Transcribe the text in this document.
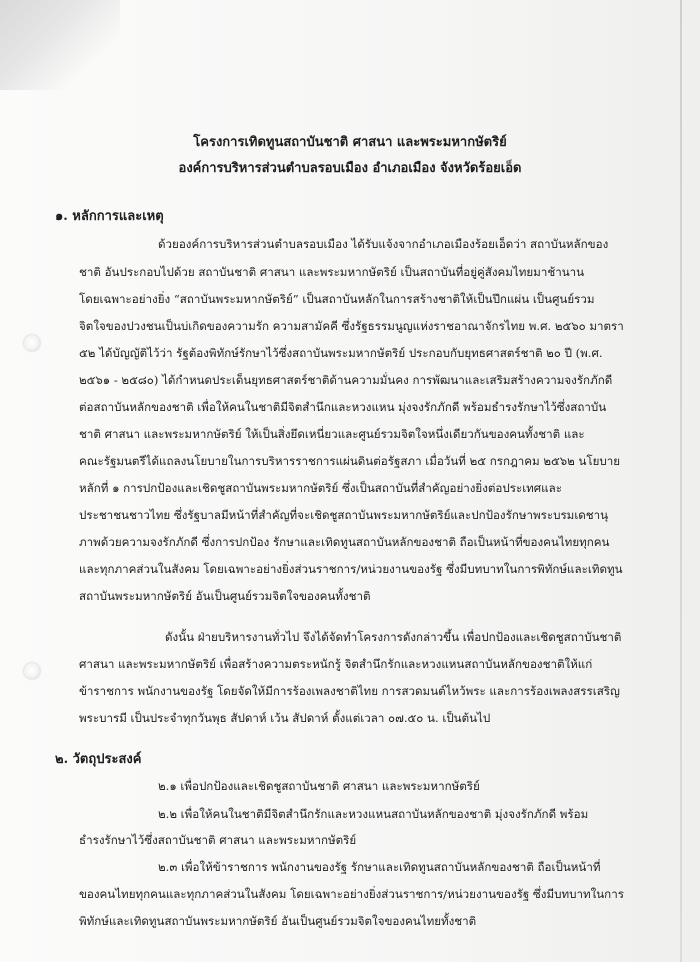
โครงการเทิดทูนสถาบันชาติ ศาสนา และพระมหากษัตริย์
องค์การบริหารส่วนตำบลรอบเมือง อำเภอเมือง จังหวัดร้อยเอ็ด
๑. หลักการและเหตุ
ด้วยองค์การบริหารส่วนตำบลรอบเมือง ได้รับแจ้งจากอำเภอเมืองร้อยเอ็ดว่า สถาบันหลักของ
ชาติ อันประกอบไปด้วย สถาบันชาติ ศาสนา และพระมหากษัตริย์ เป็นสถาบันที่อยู่คู่สังคมไทยมาช้านาน
โดยเฉพาะอย่างยิ่ง “สถาบันพระมหากษัตริย์” เป็นสถาบันหลักในการสร้างชาติให้เป็นปึกแผ่น เป็นศูนย์รวม
จิตใจของปวงชนเป็นบ่เกิดของความรัก ความสามัคคี ซึ่งรัฐธรรมนูญแห่งราชอาณาจักรไทย พ.ศ. ๒๕๖๐ มาตรา
๕๒ ได้บัญญัติไว้ว่า รัฐต้องพิทักษ์รักษาไว้ซึ่งสถาบันพระมหากษัตริย์ ประกอบกับยุทธศาสตร์ชาติ ๒๐ ปี (พ.ศ.
๒๕๖๑ - ๒๕๘๐) ได้กำหนดประเด็นยุทธศาสตร์ชาติด้านความมั่นคง การพัฒนาและเสริมสร้างความจงรักภักดี
ต่อสถาบันหลักของชาติ เพื่อให้คนในชาติมีจิตสำนึกและหวงแหน มุ่งจงรักภักดี พร้อมธำรงรักษาไว้ซึ่งสถาบัน
ชาติ ศาสนา และพระมหากษัตริย์ ให้เป็นสิ่งยึดเหนี่ยวและศูนย์รวมจิตใจหนึ่งเดียวกันของคนทั้งชาติ และ
คณะรัฐมนตรีได้แถลงนโยบายในการบริหารราชการแผ่นดินต่อรัฐสภา เมื่อวันที่ ๒๕ กรกฎาคม ๒๕๖๒ นโยบาย
หลักที่ ๑ การปกป้องและเชิดชูสถาบันพระมหากษัตริย์ ซึ่งเป็นสถาบันที่สำคัญอย่างยิ่งต่อประเทศและ
ประชาชนชาวไทย ซึ่งรัฐบาลมีหน้าที่สำคัญที่จะเชิดชูสถาบันพระมหากษัตริย์และปกป้องรักษาพระบรมเดชานุ
ภาพด้วยความจงรักภักดี ซึ่งการปกป้อง รักษาและเทิดทูนสถาบันหลักของชาติ ถือเป็นหน้าที่ของคนไทยทุกคน
และทุกภาคส่วนในสังคม โดยเฉพาะอย่างยิ่งส่วนราชการ/หน่วยงานของรัฐ ซึ่งมีบทบาทในการพิทักษ์และเทิดทูน
สถาบันพระมหากษัตริย์ อันเป็นศูนย์รวมจิตใจของคนทั้งชาติ
ดังนั้น ฝ่ายบริหารงานทั่วไป จึงได้จัดทำโครงการดังกล่าวขึ้น เพื่อปกป้องและเชิดชูสถาบันชาติ
ศาสนา และพระมหากษัตริย์ เพื่อสร้างความตระหนักรู้ จิตสำนึกรักและหวงแหนสถาบันหลักของชาติให้แก่
ข้าราชการ พนักงานของรัฐ โดยจัดให้มีการร้องเพลงชาติไทย การสวดมนต์ไหว้พระ และการร้องเพลงสรรเสริญ
พระบารมี เป็นประจำทุกวันพุธ สัปดาห์ เว้น สัปดาห์ ตั้งแต่เวลา ๐๗.๕๐ น. เป็นต้นไป
๒. วัตถุประสงค์
๒.๑ เพื่อปกป้องและเชิดชูสถาบันชาติ ศาสนา และพระมหากษัตริย์
๒.๒ เพื่อให้คนในชาติมีจิตสำนึกรักและหวงแหนสถาบันหลักของชาติ มุ่งจงรักภักดี พร้อม
ธำรงรักษาไว้ซึ่งสถาบันชาติ ศาสนา และพระมหากษัตริย์
๒.๓ เพื่อให้ข้าราชการ พนักงานของรัฐ รักษาและเทิดทูนสถาบันหลักของชาติ ถือเป็นหน้าที่
ของคนไทยทุกคนและทุกภาคส่วนในสังคม โดยเฉพาะอย่างยิ่งส่วนราชการ/หน่วยงานของรัฐ ซึ่งมีบทบาทในการ
พิทักษ์และเทิดทูนสถาบันพระมหากษัตริย์ อันเป็นศูนย์รวมจิตใจของคนไทยทั้งชาติ
